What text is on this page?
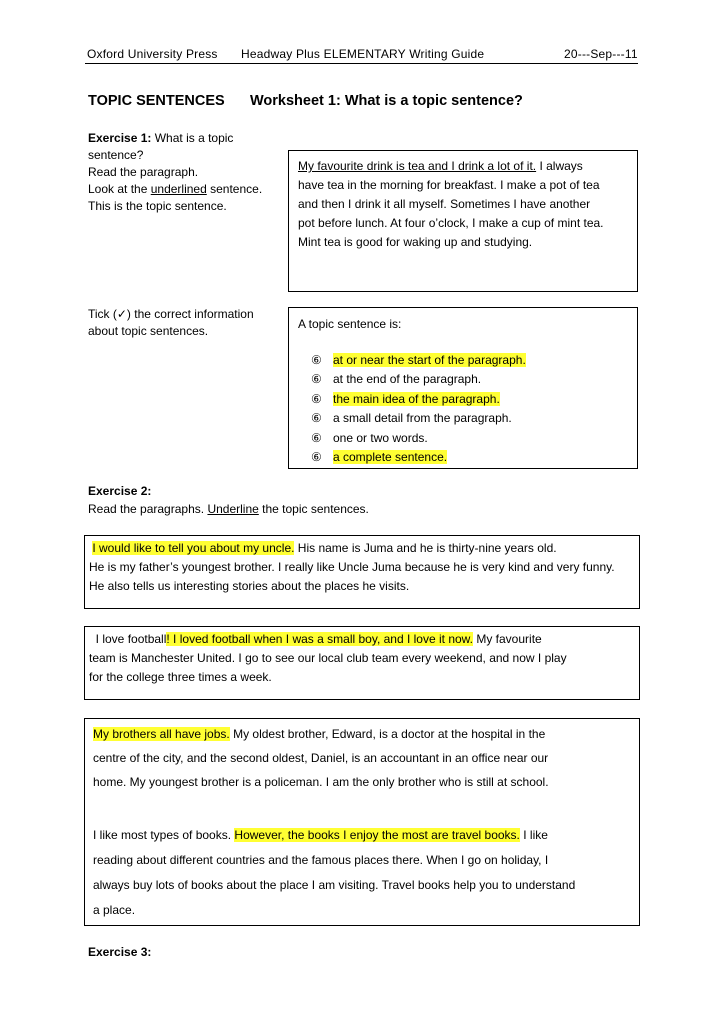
Oxford University Press Headway Plus ELEMENTARY Writing Guide	20---Sep---11
TOPIC SENTENCES Worksheet 1: What is a topic sentence?
Exercise 1: What is a topic sentence?
Read the paragraph.
Look at the underlined sentence.
This is the topic sentence.
My favourite drink is tea and I drink a lot of it. I always
have tea in the morning for breakfast. I make a pot of tea
and then I drink it all myself. Sometimes I have another
pot before lunch. At four o’clock, I make a cup of mint tea.
Mint tea is good for waking up and studying.
Tick (✓) the correct information
about topic sentences.	A topic sentence is:
⑥ at or near the start of the paragraph.
⑥ at the end of the paragraph.
⑥ the main idea of the paragraph.
⑥ a small detail from the paragraph.
⑥ one or two words.
⑥ a complete sentence.
Exercise 2:
Read the paragraphs. Underline the topic sentences.
I would like to tell you about my uncle. His name is Juma and he is thirty-nine years old.
He is my father’s youngest brother. I really like Uncle Juma because he is very kind and very funny.
He also tells us interesting stories about the places he visits.
I love football! I loved football when I was a small boy, and I love it now. My favourite
team is Manchester United. I go to see our local club team every weekend, and now I play
for the college three times a week.
My brothers all have jobs. My oldest brother, Edward, is a doctor at the hospital in the
centre of the city, and the second oldest, Daniel, is an accountant in an office near our
home. My youngest brother is a policeman. I am the only brother who is still at school.
I like most types of books. However, the books I enjoy the most are travel books. I like
reading about different countries and the famous places there. When I go on holiday, I
always buy lots of books about the place I am visiting. Travel books help you to understand
a place.
Exercise 3:
